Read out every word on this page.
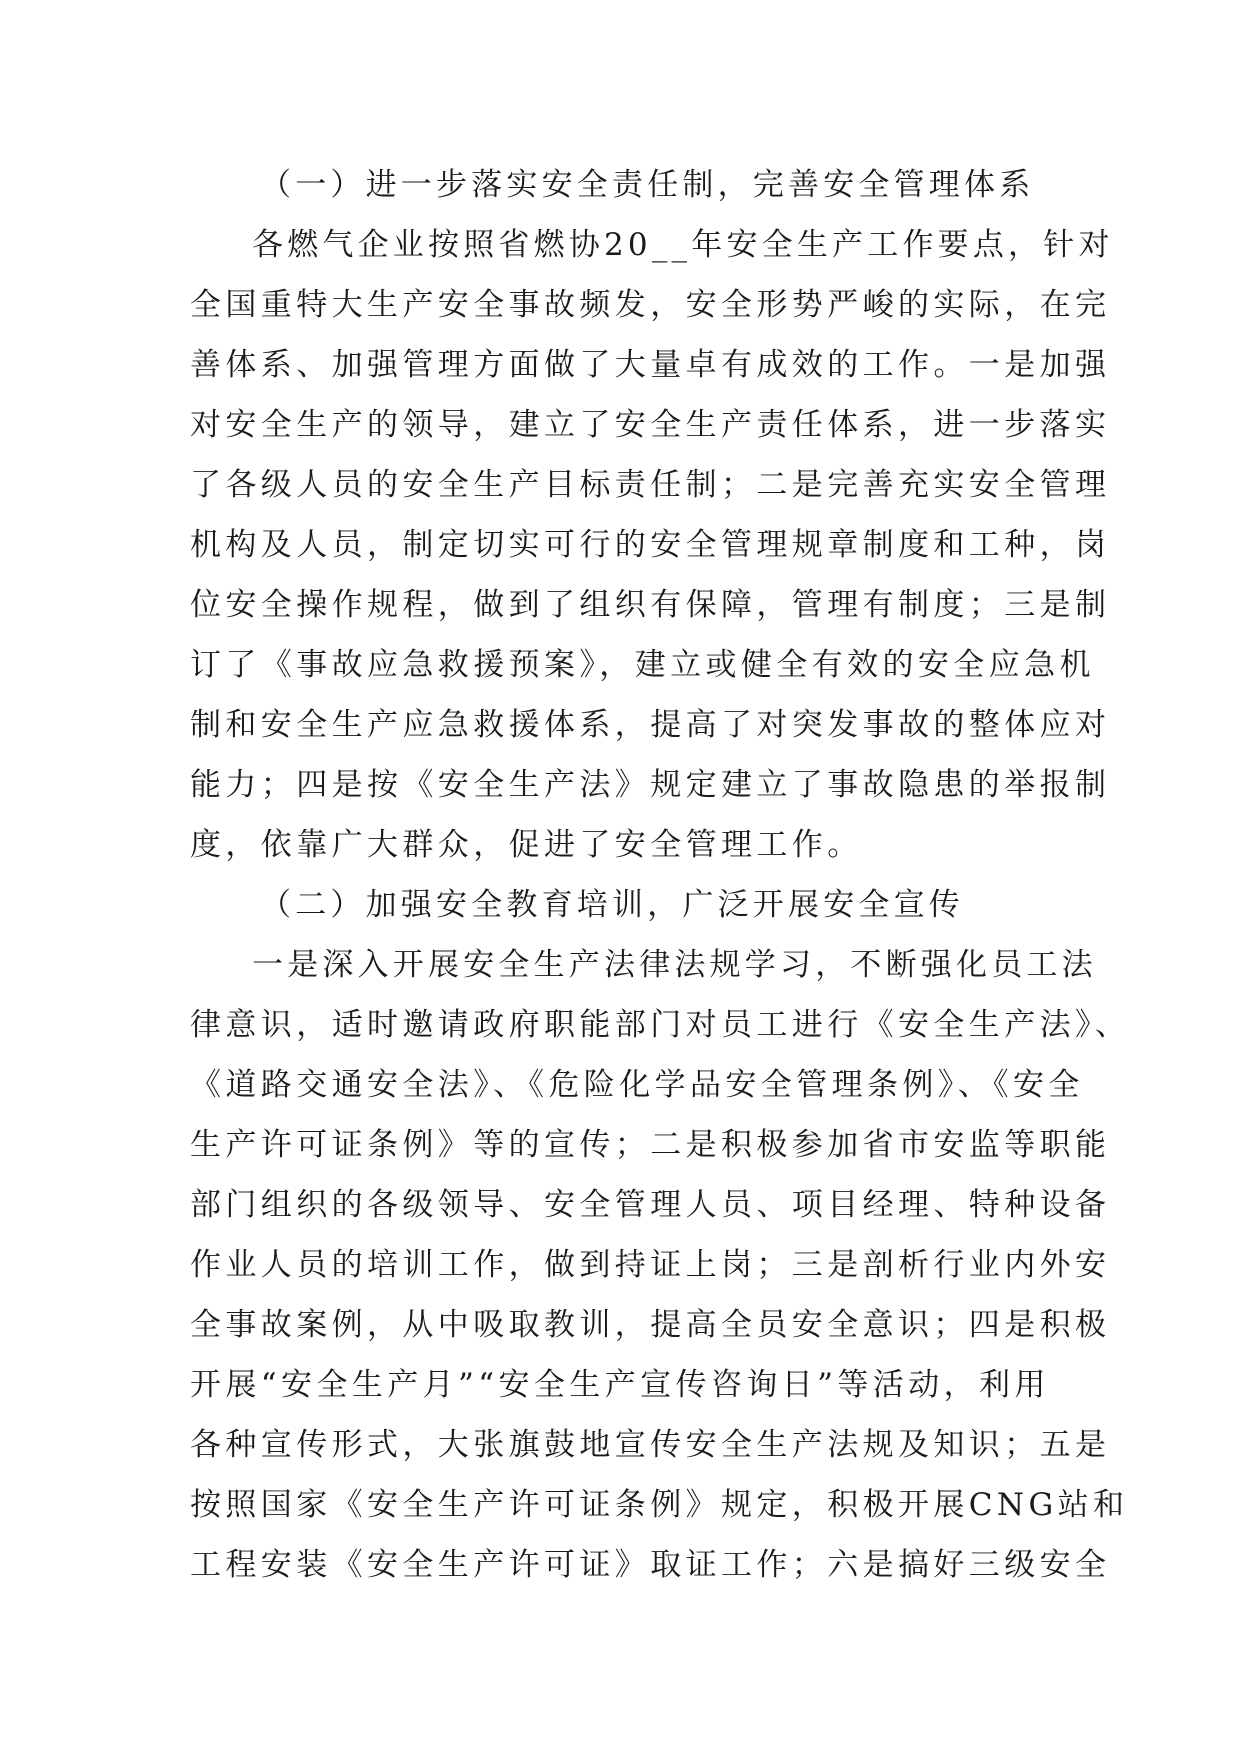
（一）进一步落实安全责任制，完善安全管理体系
各燃气企业按照省燃协20__年安全生产工作要点，针对
全国重特大生产安全事故频发，安全形势严峻的实际，在完
善体系、加强管理方面做了大量卓有成效的工作。一是加强
对安全生产的领导，建立了安全生产责任体系，进一步落实
了各级人员的安全生产目标责任制；二是完善充实安全管理
机构及人员，制定切实可行的安全管理规章制度和工种，岗
位安全操作规程，做到了组织有保障，管理有制度；三是制
订了《事故应急救援预案》，建立或健全有效的安全应急机
制和安全生产应急救援体系，提高了对突发事故的整体应对
能力；四是按《安全生产法》规定建立了事故隐患的举报制
度，依靠广大群众，促进了安全管理工作。
（二）加强安全教育培训，广泛开展安全宣传
一是深入开展安全生产法律法规学习，不断强化员工法
律意识，适时邀请政府职能部门对员工进行《安全生产法》、
《道路交通安全法》、《危险化学品安全管理条例》、《安全
生产许可证条例》等的宣传；二是积极参加省市安监等职能
部门组织的各级领导、安全管理人员、项目经理、特种设备
作业人员的培训工作，做到持证上岗；三是剖析行业内外安
全事故案例，从中吸取教训，提高全员安全意识；四是积极
开展“安全生产月”“安全生产宣传咨询日”等活动，利用
各种宣传形式，大张旗鼓地宣传安全生产法规及知识；五是
按照国家《安全生产许可证条例》规定，积极开展CNG站和
工程安装《安全生产许可证》取证工作；六是搞好三级安全
